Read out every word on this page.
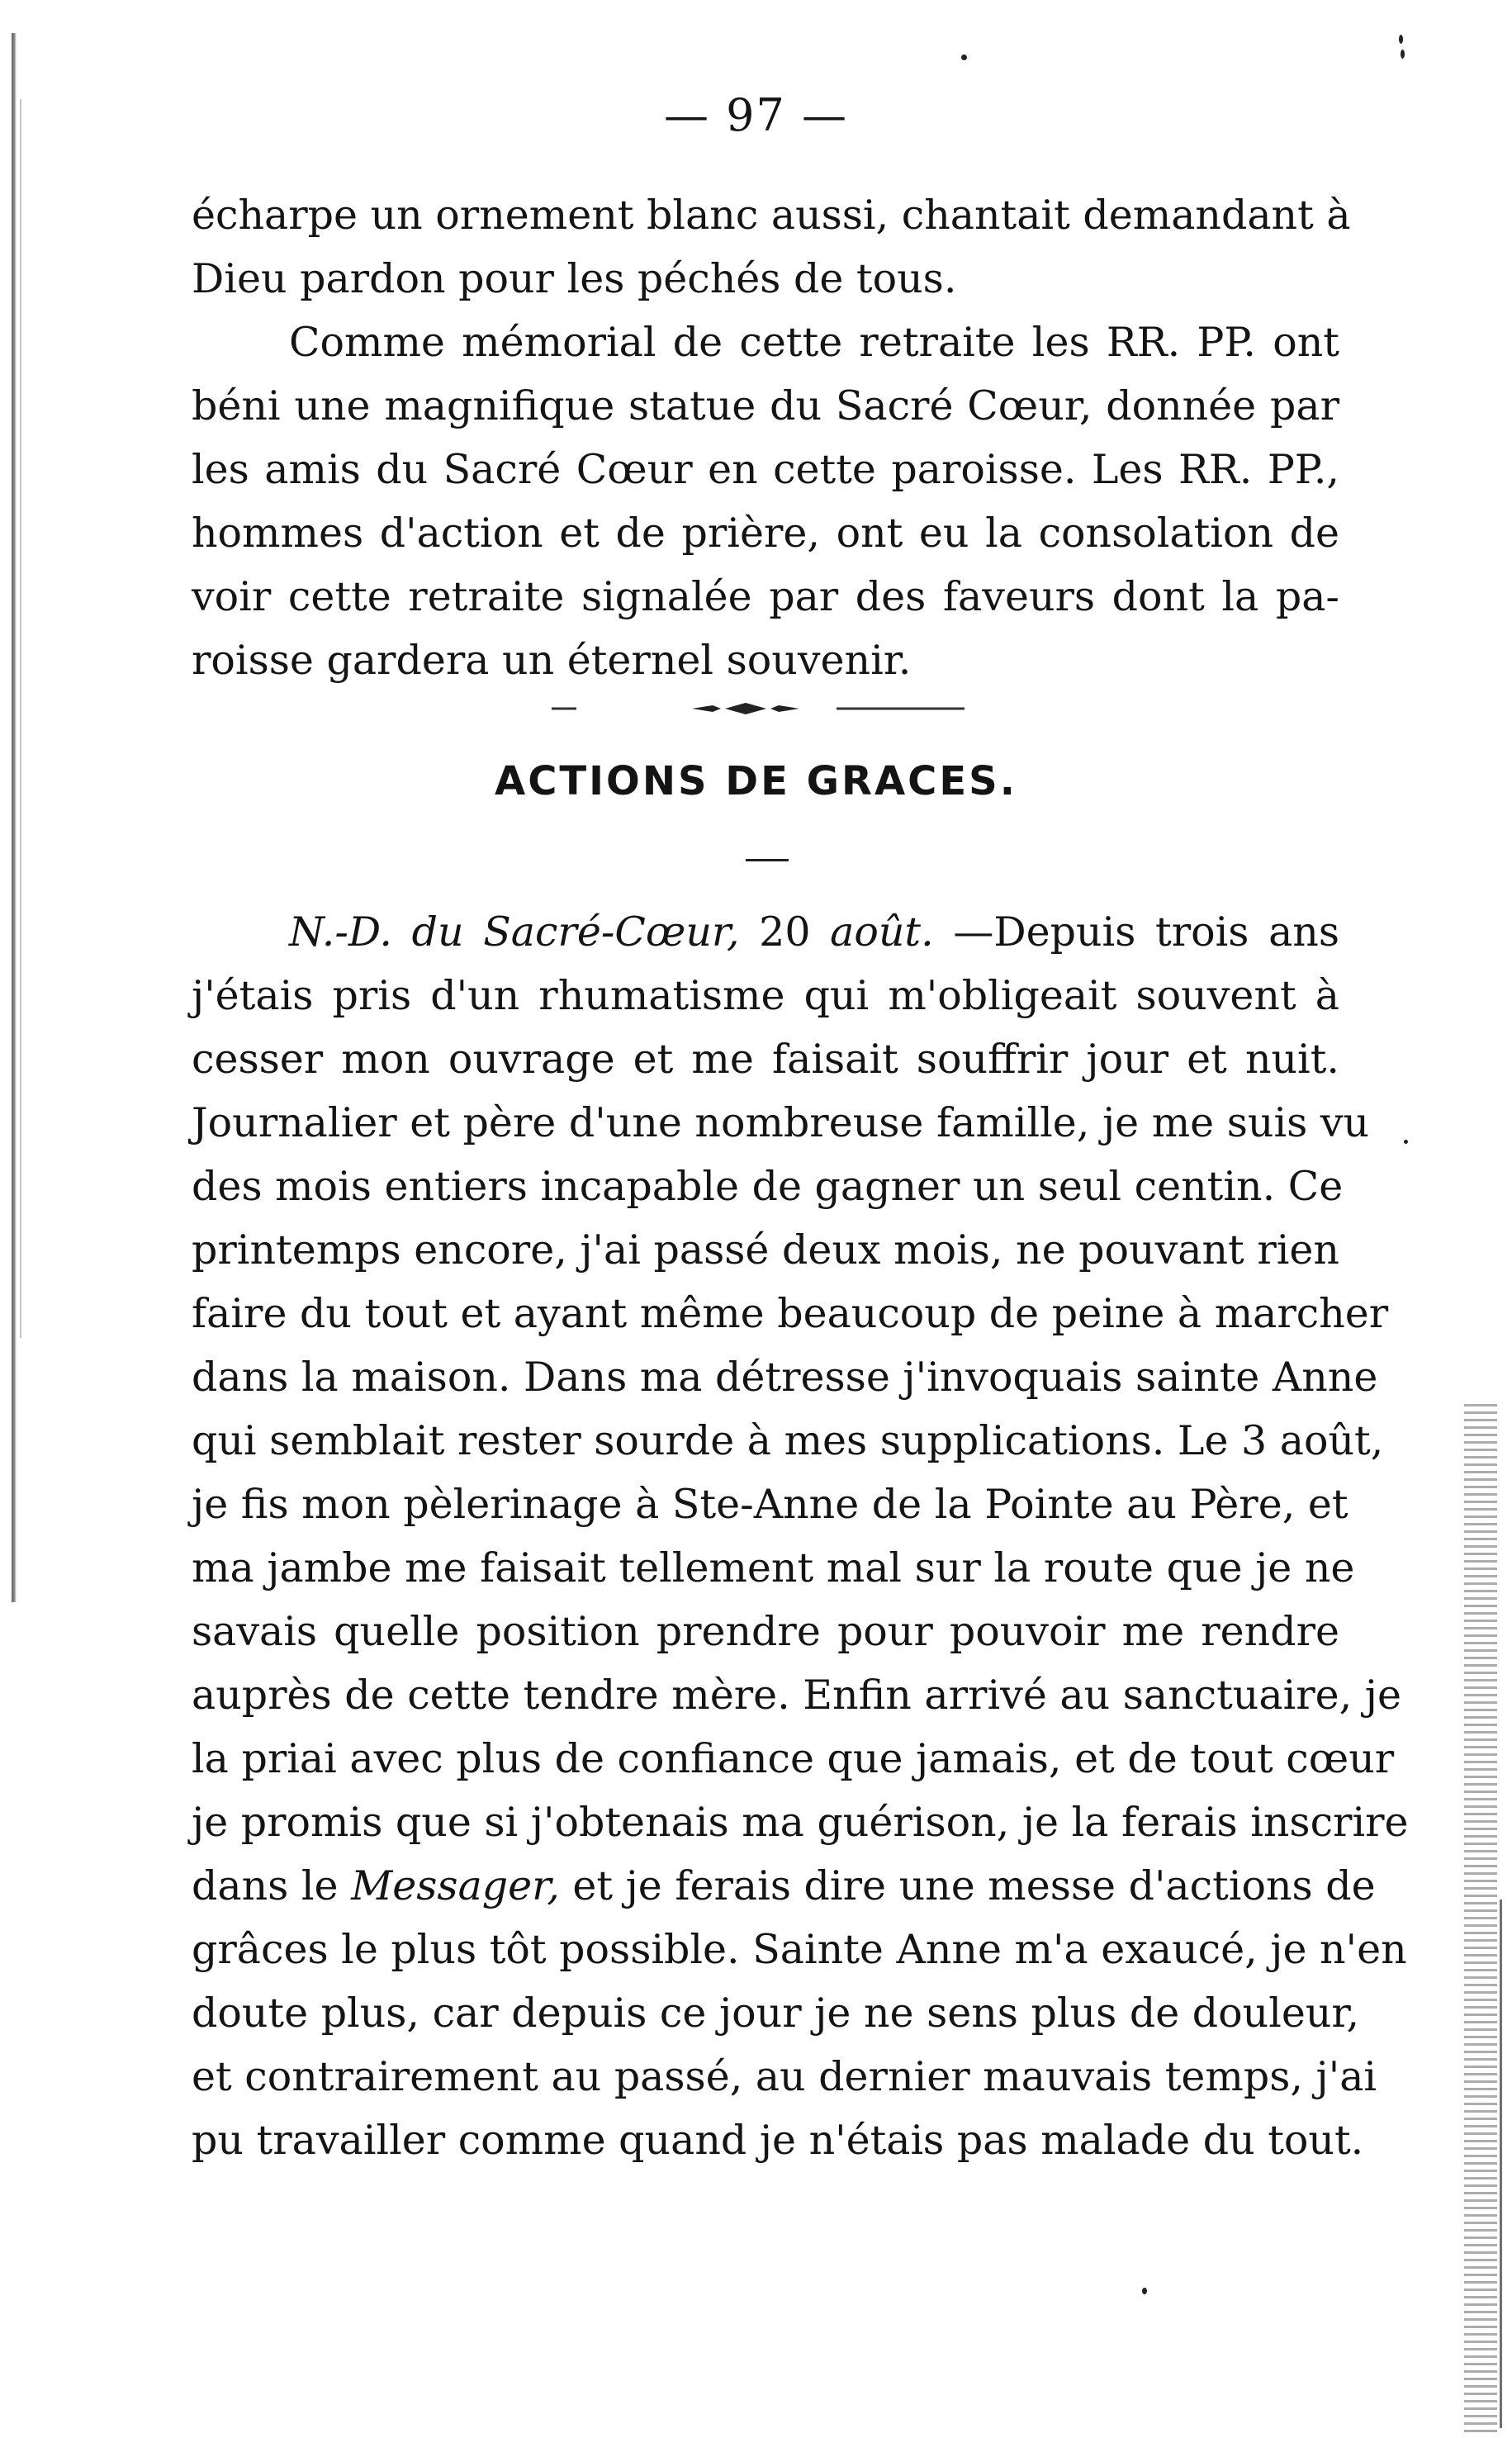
— 97 —
écharpe un ornement blanc aussi, chantait demandant à
Dieu pardon pour les péchés de tous.
Comme mémorial de cette retraite les RR. PP. ont
béni une magnifique statue du Sacré Cœur, donnée par
les amis du Sacré Cœur en cette paroisse. Les RR. PP.,
hommes d'action et de prière, ont eu la consolation de
voir cette retraite signalée par des faveurs dont la pa-
roisse gardera un éternel souvenir.
ACTIONS DE GRACES.
N.-D. du Sacré-Cœur, 20 août. —Depuis trois ans
j'étais pris d'un rhumatisme qui m'obligeait souvent à
cesser mon ouvrage et me faisait souffrir jour et nuit.
Journalier et père d'une nombreuse famille, je me suis vu
des mois entiers incapable de gagner un seul centin. Ce
printemps encore, j'ai passé deux mois, ne pouvant rien
faire du tout et ayant même beaucoup de peine à marcher
dans la maison. Dans ma détresse j'invoquais sainte Anne
qui semblait rester sourde à mes supplications. Le 3 août,
je fis mon pèlerinage à Ste-Anne de la Pointe au Père, et
ma jambe me faisait tellement mal sur la route que je ne
savais quelle position prendre pour pouvoir me rendre
auprès de cette tendre mère. Enfin arrivé au sanctuaire, je
la priai avec plus de confiance que jamais, et de tout cœur
je promis que si j'obtenais ma guérison, je la ferais inscrire
dans le Messager, et je ferais dire une messe d'actions de
grâces le plus tôt possible. Sainte Anne m'a exaucé, je n'en
doute plus, car depuis ce jour je ne sens plus de douleur,
et contrairement au passé, au dernier mauvais temps, j'ai
pu travailler comme quand je n'étais pas malade du tout.
